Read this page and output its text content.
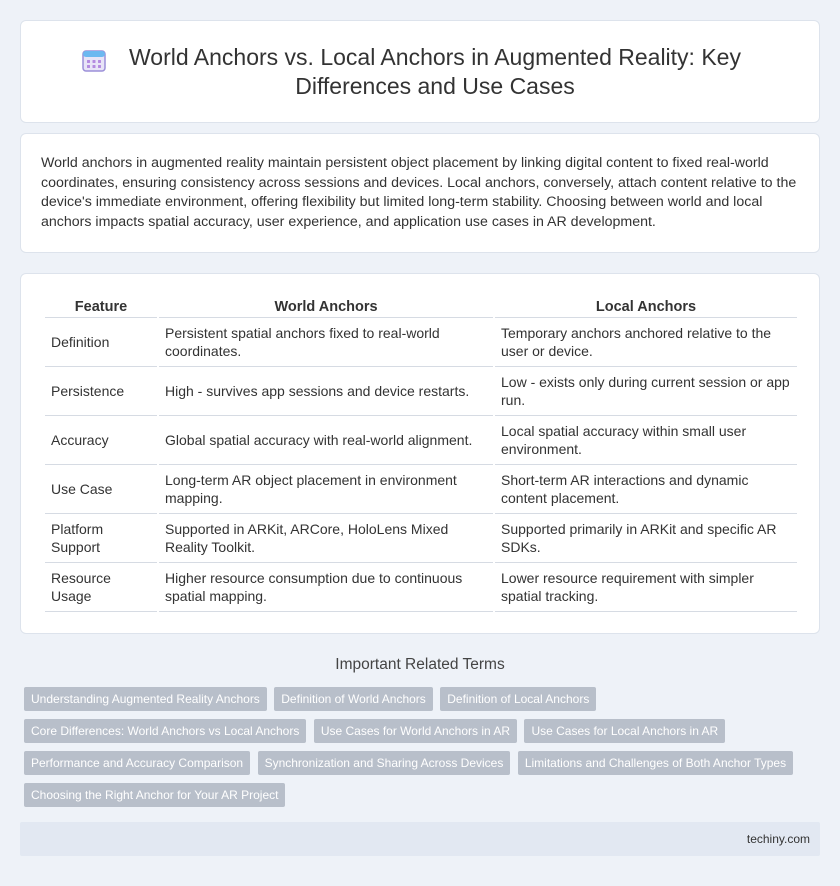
World Anchors vs. Local Anchors in Augmented Reality: Key Differences and Use Cases

World anchors in augmented reality maintain persistent object placement by linking digital content to fixed real-world coordinates, ensuring consistency across sessions and devices. Local anchors, conversely, attach content relative to the device's immediate environment, offering flexibility but limited long-term stability. Choosing between world and local anchors impacts spatial accuracy, user experience, and application use cases in AR development.

Feature	World Anchors	Local Anchors
Definition	Persistent spatial anchors fixed to real-world coordinates.	Temporary anchors anchored relative to the user or device.
Persistence	High - survives app sessions and device restarts.	Low - exists only during current session or app run.
Accuracy	Global spatial accuracy with real-world alignment.	Local spatial accuracy within small user environment.
Use Case	Long-term AR object placement in environment mapping.	Short-term AR interactions and dynamic content placement.
Platform Support	Supported in ARKit, ARCore, HoloLens Mixed Reality Toolkit.	Supported primarily in ARKit and specific AR SDKs.
Resource Usage	Higher resource consumption due to continuous spatial mapping.	Lower resource requirement with simpler spatial tracking.
Important Related Terms
Understanding Augmented Reality Anchors Definition of World Anchors Definition of Local Anchors
Core Differences: World Anchors vs Local Anchors Use Cases for World Anchors in AR Use Cases for Local Anchors in AR
Performance and Accuracy Comparison Synchronization and Sharing Across Devices Limitations and Challenges of Both Anchor Types
Choosing the Right Anchor for Your AR Project
techiny.com
